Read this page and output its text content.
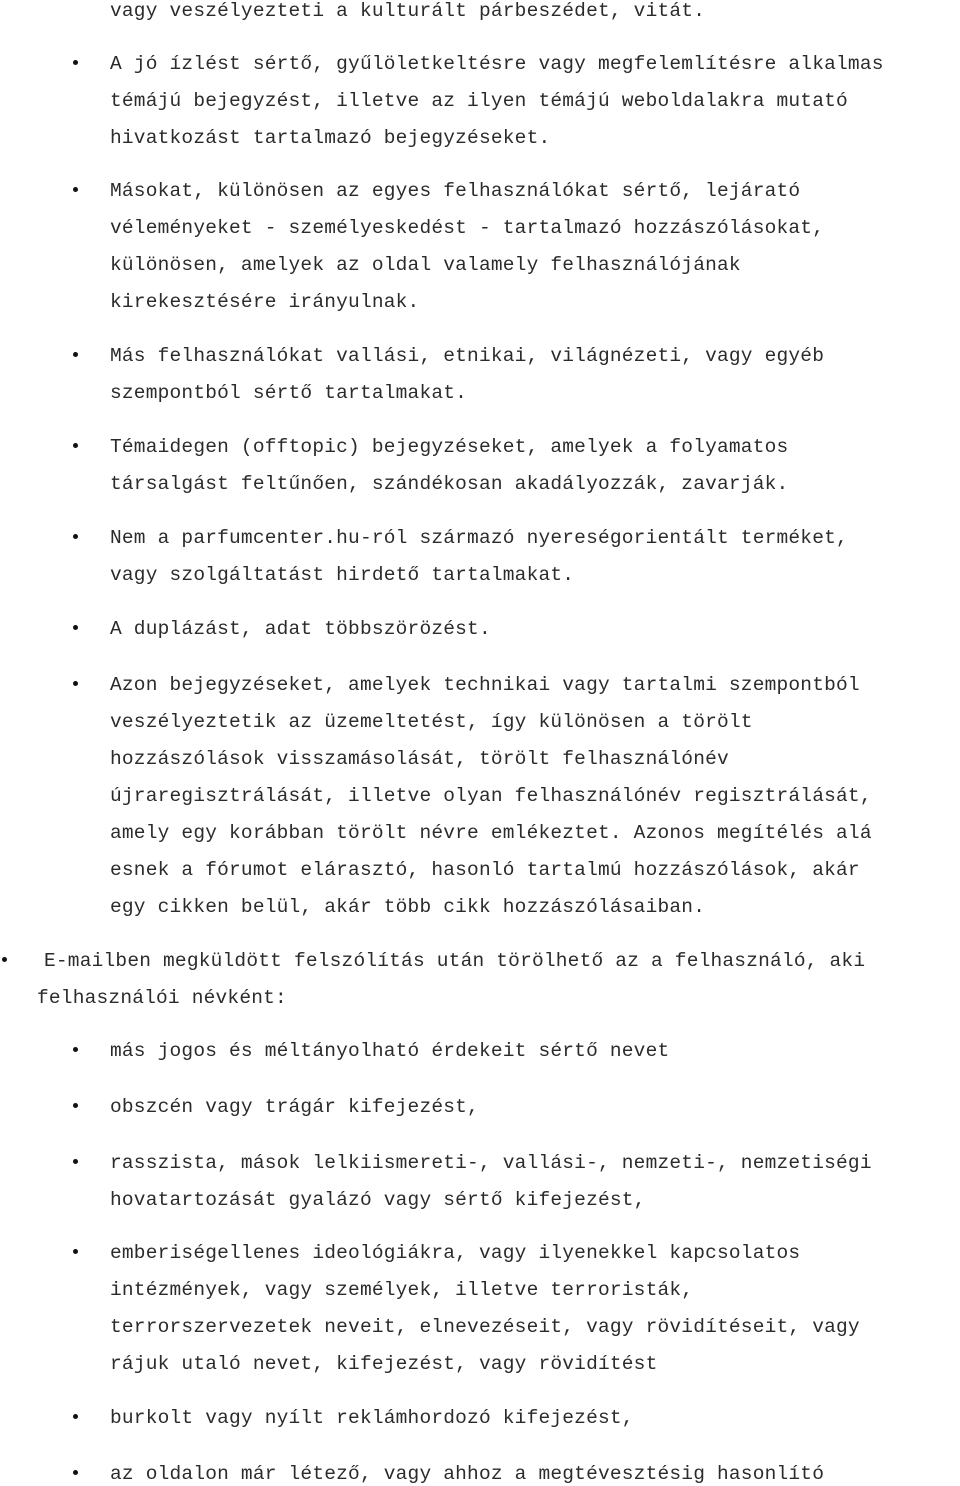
vagy veszélyezteti a kulturált párbeszédet, vitát.
A jó ízlést sértő, gyűlöletkeltésre vagy megfelemlítésre alkalmas
témájú bejegyzést, illetve az ilyen témájú weboldalakra mutató
hivatkozást tartalmazó bejegyzéseket.
Másokat, különösen az egyes felhasználókat sértő, lejárató
véleményeket - személyeskedést - tartalmazó hozzászólásokat,
különösen, amelyek az oldal valamely felhasználójának
kirekesztésére irányulnak.
Más felhasználókat vallási, etnikai, világnézeti, vagy egyéb
szempontból sértő tartalmakat.
Témaidegen (offtopic) bejegyzéseket, amelyek a folyamatos
társalgást feltűnően, szándékosan akadályozzák, zavarják.
Nem a parfumcenter.hu-ról származó nyereségorientált terméket,
vagy szolgáltatást hirdető tartalmakat.
A duplázást, adat többszörözést.
Azon bejegyzéseket, amelyek technikai vagy tartalmi szempontból
veszélyeztetik az üzemeltetést, így különösen a törölt
hozzászólások visszamásolását, törölt felhasználónév
újraregisztrálását, illetve olyan felhasználónév regisztrálását,
amely egy korábban törölt névre emlékeztet. Azonos megítélés alá
esnek a fórumot elárasztó, hasonló tartalmú hozzászólások, akár
egy cikken belül, akár több cikk hozzászólásaiban.
E-mailben megküldött felszólítás után törölhető az a felhasználó, aki
felhasználói névként:
más jogos és méltányolható érdekeit sértő nevet
obszcén vagy trágár kifejezést,
rasszista, mások lelkiismereti-, vallási-, nemzeti-, nemzetiségi
hovatartozását gyalázó vagy sértő kifejezést,
emberiségellenes ideológiákra, vagy ilyenekkel kapcsolatos
intézmények, vagy személyek, illetve terroristák,
terrorszervezetek neveit, elnevezéseit, vagy rövidítéseit, vagy
rájuk utaló nevet, kifejezést, vagy rövidítést
burkolt vagy nyílt reklámhordozó kifejezést,
az oldalon már létező, vagy ahhoz a megtévesztésig hasonlító
